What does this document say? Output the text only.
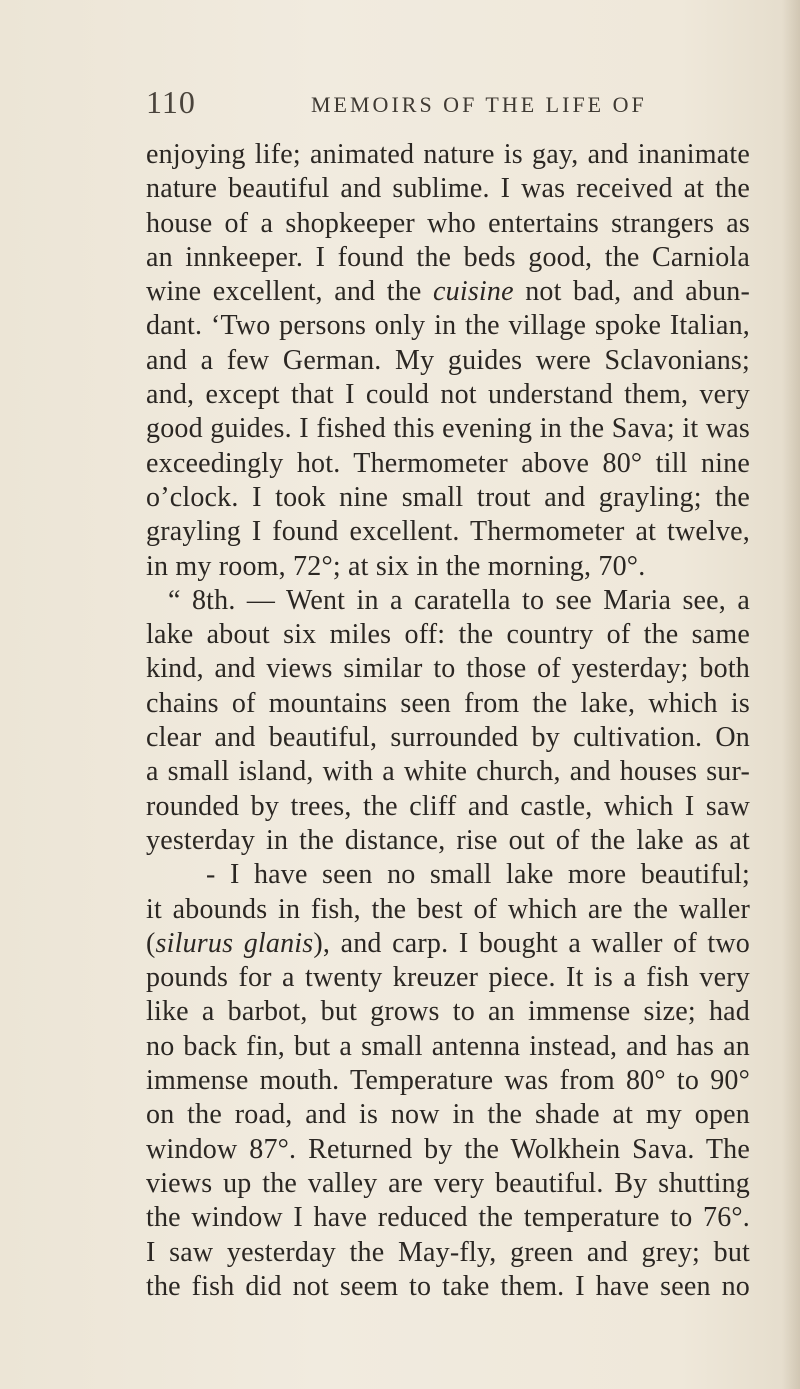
110	MEMOIRS OF THE LIFE OF
enjoying life; animated nature is gay, and inanimate
nature beautiful and sublime. I was received at the
house of a shopkeeper who entertains strangers as
an innkeeper. I found the beds good, the Carniola
wine excellent, and the cuisine not bad, and abun-
dant. ‘Two persons only in the village spoke Italian,
and a few German. My guides were Sclavonians;
and, except that I could not understand them, very
good guides. I fished this evening in the Sava; it was
exceedingly hot. Thermometer above 80° till nine
o’clock. I took nine small trout and grayling; the
grayling I found excellent. Thermometer at twelve,
in my room, 72°; at six in the morning, 70°.
“ 8th. — Went in a caratella to see Maria see, a
lake about six miles off: the country of the same
kind, and views similar to those of yesterday; both
chains of mountains seen from the lake, which is
clear and beautiful, surrounded by cultivation. On
a small island, with a white church, and houses sur-
rounded by trees, the cliff and castle, which I saw
yesterday in the distance, rise out of the lake as at
- I have seen no small lake more beautiful;
it abounds in fish, the best of which are the waller
(silurus glanis), and carp. I bought a waller of two
pounds for a twenty kreuzer piece. It is a fish very
like a barbot, but grows to an immense size; had
no back fin, but a small antenna instead, and has an
immense mouth. Temperature was from 80° to 90°
on the road, and is now in the shade at my open
window 87°. Returned by the Wolkhein Sava. The
views up the valley are very beautiful. By shutting
the window I have reduced the temperature to 76°.
I saw yesterday the May-fly, green and grey; but
the fish did not seem to take them. I have seen no
